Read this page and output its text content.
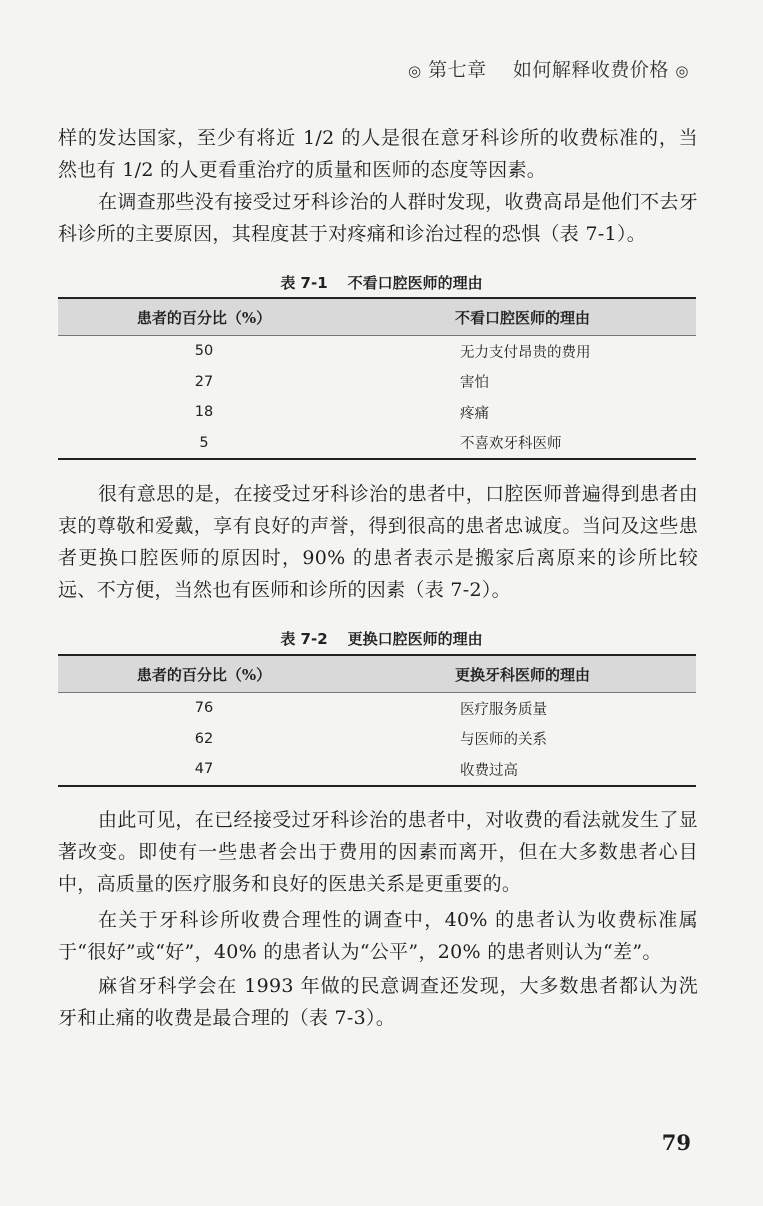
◎ 第七章 如何解释收费价格 ◎
样的发达国家，至少有将近 1/2 的人是很在意牙科诊所的收费标准的，当然也有 1/2 的人更看重治疗的质量和医师的态度等因素。
在调查那些没有接受过牙科诊治的人群时发现，收费高昂是他们不去牙科诊所的主要原因，其程度甚于对疼痛和诊治过程的恐惧（表 7-1）。
表 7-1 不看口腔医师的理由
患者的百分比（%）	不看口腔医师的理由
50	无力支付昂贵的费用
27	害怕
18	疼痛
5	不喜欢牙科医师
很有意思的是，在接受过牙科诊治的患者中，口腔医师普遍得到患者由衷的尊敬和爱戴，享有良好的声誉，得到很高的患者忠诚度。当问及这些患者更换口腔医师的原因时，90% 的患者表示是搬家后离原来的诊所比较远、不方便，当然也有医师和诊所的因素（表 7-2）。
表 7-2 更换口腔医师的理由
患者的百分比（%）	更换牙科医师的理由
76	医疗服务质量
62	与医师的关系
47	收费过高
由此可见，在已经接受过牙科诊治的患者中，对收费的看法就发生了显著改变。即使有一些患者会出于费用的因素而离开，但在大多数患者心目中，高质量的医疗服务和良好的医患关系是更重要的。
在关于牙科诊所收费合理性的调查中，40% 的患者认为收费标准属于“很好”或“好”，40% 的患者认为“公平”，20% 的患者则认为“差”。
麻省牙科学会在 1993 年做的民意调查还发现，大多数患者都认为洗牙和止痛的收费是最合理的（表 7-3）。
79
